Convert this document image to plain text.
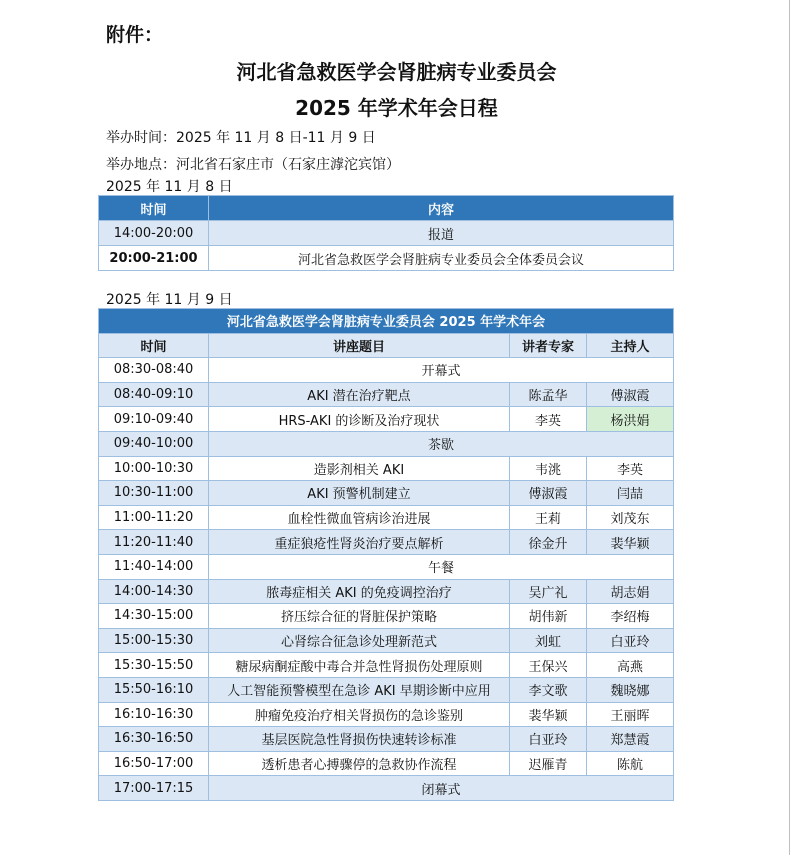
附件：
河北省急救医学会肾脏病专业委员会
2025 年学术年会日程
举办时间：2025 年 11 月 8 日-11 月 9 日
举办地点：河北省石家庄市（石家庄滹沱宾馆）
2025 年 11 月 8 日
时间	内容
14:00-20:00	报道
20:00-21:00	河北省急救医学会肾脏病专业委员会全体委员会议
2025 年 11 月 9 日
河北省急救医学会肾脏病专业委员会 2025 年学术年会			
时间	讲座题目	讲者专家	主持人
08:30-08:40	开幕式		
08:40-09:10	AKI 潜在治疗靶点	陈孟华	傅淑霞
09:10-09:40	HRS-AKI 的诊断及治疗现状	李英	杨洪娟
09:40-10:00	茶歇		
10:00-10:30	造影剂相关 AKI	韦洮	李英
10:30-11:00	AKI 预警机制建立	傅淑霞	闫喆
11:00-11:20	血栓性微血管病诊治进展	王莉	刘茂东
11:20-11:40	重症狼疮性肾炎治疗要点解析	徐金升	裴华颖
11:40-14:00	午餐		
14:00-14:30	脓毒症相关 AKI 的免疫调控治疗	吴广礼	胡志娟
14:30-15:00	挤压综合征的肾脏保护策略	胡伟新	李绍梅
15:00-15:30	心肾综合征急诊处理新范式	刘虹	白亚玲
15:30-15:50	糖尿病酮症酸中毒合并急性肾损伤处理原则	王保兴	高燕
15:50-16:10	人工智能预警模型在急诊 AKI 早期诊断中应用	李文歌	魏晓娜
16:10-16:30	肿瘤免疫治疗相关肾损伤的急诊鉴别	裴华颖	王丽晖
16:30-16:50	基层医院急性肾损伤快速转诊标准	白亚玲	郑慧霞
16:50-17:00	透析患者心搏骤停的急救协作流程	迟雁青	陈航
17:00-17:15	闭幕式		
